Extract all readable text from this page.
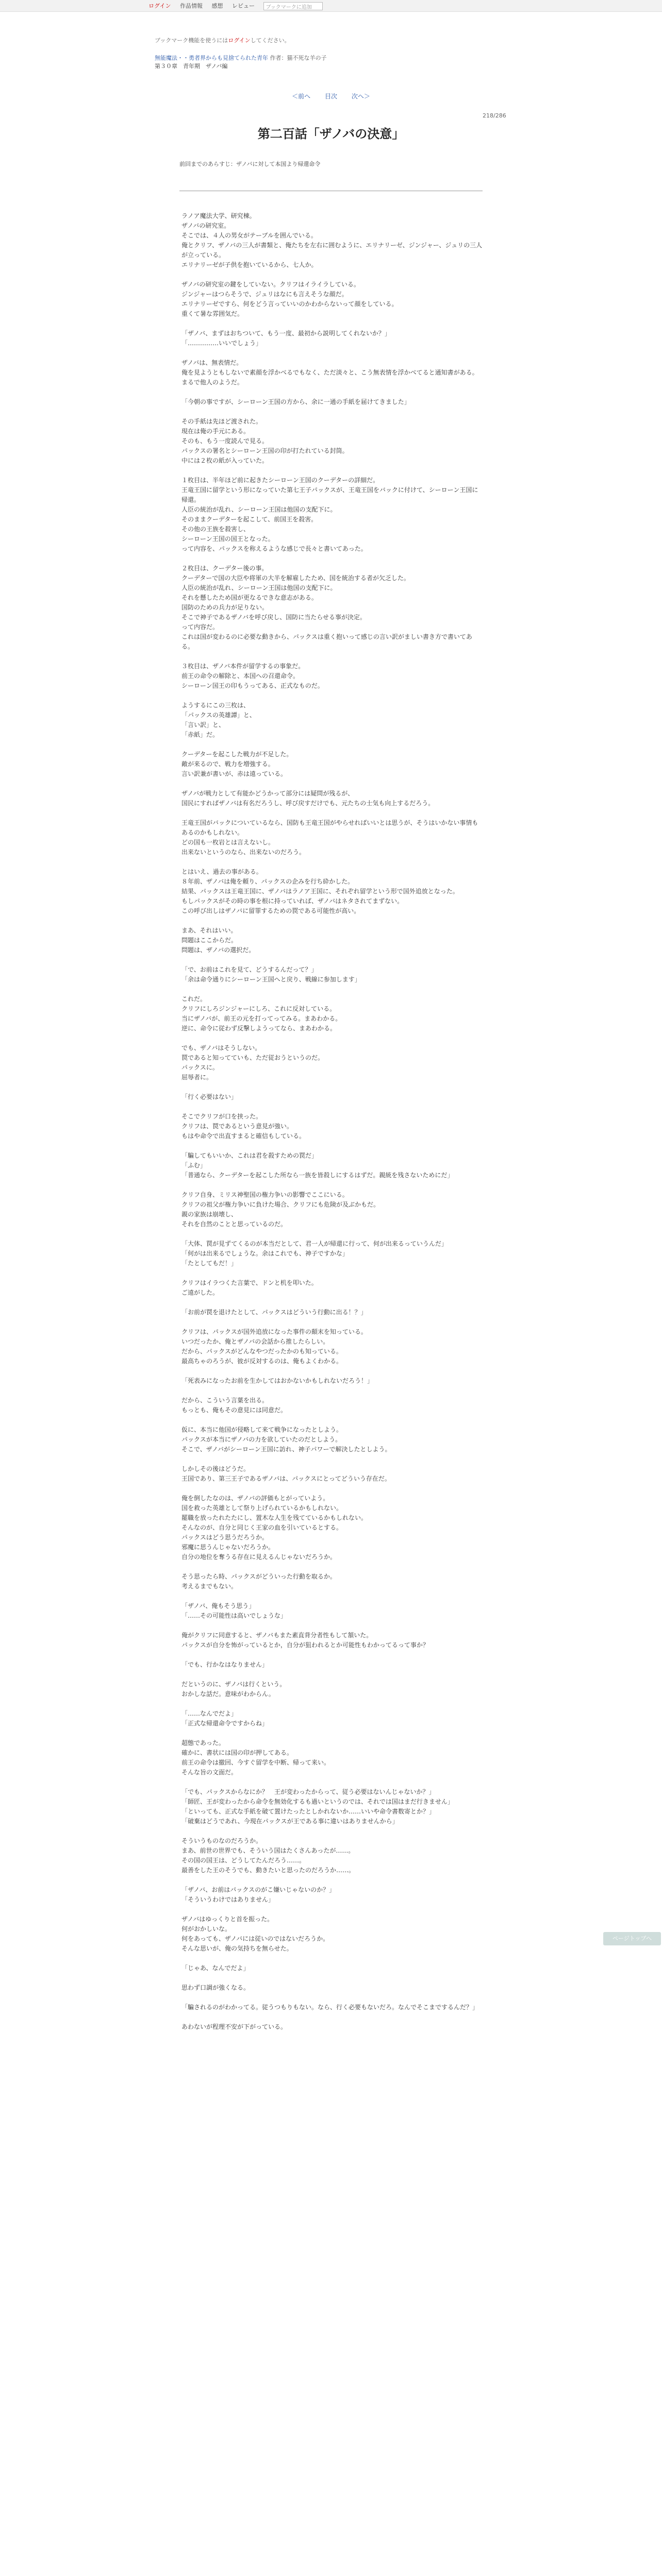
ログイン 作品情報 感想 レビュー ブックマークに追加
ブックマーク機能を使うにはログインしてください。
無能魔法・・勇者界からも見捨てられた青年 作者：猫不死な羊の子
第３０章　青年期　ザノバ編
＜前へ 目次 次へ＞
218/286
第二百話「ザノバの決意」
前回までのあらすじ：ザノバに対して本国より帰還命令
ラノア魔法大学、研究棟。
ザノバの研究室。
そこでは、４人の男女がテーブルを囲んでいる。
俺とクリフ、ザノバの三人が書類と、俺たちを左右に囲むように、エリナリーゼ、ジンジャー、ジュリの三人が立っている。
エリナリーゼが子供を抱いているから、七人か。

ザノバの研究室の鍵をしていない。クリフはイライラしている。
ジンジャーはつらそうで、ジュリはなにも言えそうな顔だ。
エリナリーゼですら、何をどう言っていいのかわからないって顔をしている。
重くて暑な雰囲気だ。

「ザノバ、まずはおちついて、もう一度、最初から説明してくれないか？」
「……………いいでしょう」

ザノバは、無表情だ。
俺を見ようともしないで素顔を浮かべるでもなく、ただ淡々と、こう無表情を浮かべてると通知書がある。
まるで他人のようだ。

「今朝の事ですが、シーローン王国の方から、余に一通の手紙を届けてきました」

その手紙は先ほど渡された。
現在は俺の手元にある。
そのも、もう一度読んで見る。
パックスの署名とシーローン王国の印が打たれている封筒。
中には２枚の紙が入っていた。

１枚目は、半年ほど前に起きたシーローン王国のクーデターの詳細だ。
王竜王国に留学という形になっていた第七王子パックスが、王竜王国をバックに付けて、シーローン王国に帰還。
人臣の統治が乱れ、シーローン王国は他国の支配下に。
そのままクーデターを起こして、前国王を殺害。
その他の王族を殺害し、
シーローン王国の国王となった。
って内容を、パックスを称えるような感じで長々と書いてあった。

２枚目は、クーデター後の事。
クーデターで国の大臣や将軍の大半を解雇したため、国を統治する者が欠乏した。
人臣の統治が乱れ、シーローン王国は他国の支配下に。
それを懸したため国が更なるできな意志がある。
国防のための兵力が足りない。
そこで神子であるザノバを呼び戻し、国防に当たらせる事が決定。
って内容だ。
これは国が変わるのに必要な動きから、パックスは重く抱いって感じの言い訳がましい書き方で書いてある。

３枚目は、ザノバ本件が留学するの事象だ。
前王の命令の解除と、本国への召還命令。
シーローン国王の印もうってある、正式なものだ。

ようするにこの三枚は、
「パックスの英雄譚」と、
「言い訳」と、
「赤紙」だ。

クーデターを起こした戦力が不足した。
敵が来るので、戦力を増強する。
言い訳兼が書いが、赤は遠っている。

ザノバが戦力として有能かどうかって部分には疑問が残るが、
国民にすればザノバは有名だろうし、呼び戻すだけでも、元たちの士気も向上するだろう。

王竜王国がバックについているなら、国防も王竜王国がやらせればいいとは思うが、そうはいかない事情もあるのかもしれない。
どの国も一枚岩とは言えないし。
出来ないというのなら、出来ないのだろう。

とはいえ、過去の事がある。
８年前、ザノバは俺を頼り、パックスの企みを行ち砕かした。
結果、パックスは王竜王国に、ザノバはラノア王国に、それぞれ留学という形で国外追放となった。
もしパックスがその時の事を根に持っていれば、ザノバはネタされてまずない。
この呼び出しはザノバに留罪するための罠である可能性が高い。

まあ、それはいい。
問題はここからだ。
問題は、ザノバの選択だ。

「で、お前はこれを見て、どうするんだって？」
「余は命令通りにシーローン王国へと戻り、戦線に参加します」

これだ。
クリフにしろジンジャーにしろ、これに反対している。
当にザノバが、前王の元を打ってってみる。まあわかる。
逆に、命令に従わず反撃しようってなら、まあわかる。

でも、ザノバはそうしない。
罠であると知ってていも、ただ従おうというのだ。
パックスに。
屈辱者に。

「行く必要はない」

そこでクリフが口を挟った。
クリフは、罠であるという意見が強い。
もはや命令で出直すまると確信もしている。

「騙してもいいか、これは君を殺すための罠だ」
「ふむ」
「普通なら、クーデターを起こした所なら一族を皆殺しにするはずだ。親統を残さないためにだ」

クリフ自身、ミリス神聖国の権力争いの影響でここにいる。
クリフの祖父が権力争いに負けた場合、クリフにも危険が及ぶかもだ。
親の家族は崩壊し、
それを自然のことと思っているのだ。

「大体、罠が見ずてくるのが本当だとして、君一人が帰還に行って、何が出来るっていうんだ」
「何がは出来るでしょうな。余はこれでも、神子ですかな」
「たとしてもだ！」

クリフはイラつくた言葉で、ドンと机を叩いた。
ご遠がした。

「お前が罠を退けたとして、パックスはどういう行動に出る！？」

クリフは、パックスが国外追放になった事件の顛末を知っている。
いつだったか、俺とザノバの会話から推したらしい。
だから、パックスがどんなやつだったかのも知っている。
最高ちゃのろうが、彼が反対するのは、俺もよくわかる。

「死表みになったお前を生かしてはおかないかもしれないだろう！」

だから、こういう言葉を出る。
もっとも、俺もその意見には同意だ。

仮に、本当に他国が侵略して来て戦争になったとしよう。
パックスが本当にザノバの力を欲していたのだとしよう。
そこで、ザノバがシーローン王国に訪れ、神子パワーで解決したとしよう。

しかしその後はどうだ。
王国であり、第三王子であるザノバは、パックスにとってどういう存在だ。

俺を倒したなのは、ザノバの評価もとがっていよう。
国を救った英雄として祭り上げられているかもしれない。
罷職を放ったれたたにし、置木な人生を残てているかもしれない。
そんなのが、自分と同じく王家の血を引いているとする。
パックスはどう思うだろうか。
邪魔に思うんじゃないだろうか。
自分の地位を奪うる存在に見えるんじゃないだろうか。

そう思ったら時、パックスがどういった行動を取るか。
考えるまでもない。

「ザノバ、俺もそう思う」
「……その可能性は高いでしょうな」

俺がクリフに同意すると、ザノバもまた素直背分者性もして頷いた。
パックスが自分を怖がっているとか，自分が狙われるとか可能性もわかってるって事か？

「でも、行かなはなりません」

だというのに、ザノバは行くという。
おかしな話だ。意味がわからん。

「……なんでだよ」
「正式な帰還命令ですからね」

超態であった。
確かに、書状には国の印が押してある。
前王の命令は撤回、今すぐ留学を中断、帰って来い。
そんな旨の文面だ。

「でも、パックスからなにか？　王が変わったからって、従う必要はないんじゃないか？」
「師匠、王が変わったから命令を無効化するも過いというのでは、それでは国はまだ行きません」
「といっても、正式な手紙を破て置けたったとしかれないか……いいや命令書数寄とか？」
「破棄はどうであれ、今現在パックスが王である事に違いはありませんから」

そういうものなのだろうか。
まあ、前世の世界でも、そういう国はたくさんあったが……。
その国の国王は、どうしてたんだろう……。
最善をした王のそうでも、動きたいと思ったのだろうか……。

「ザノバ、お前はパックスのがこ嫌いじゃないのか？」
「そういうわけではありません」

ザノバはゆっくりと首を振った。
何がおかしいな。
何をあっても、ザノバには従いのではないだろうか。
そんな思いが、俺の気持ちを無らせた。

「じゃあ、なんでだよ」

思わず口調が強くなる。

「騙されるのがわかってる。従うつもりもない。なら、行く必要もないだろ。なんでそこまでするんだ？」

あわないが程理不安が下がっている。
ページトップへ
